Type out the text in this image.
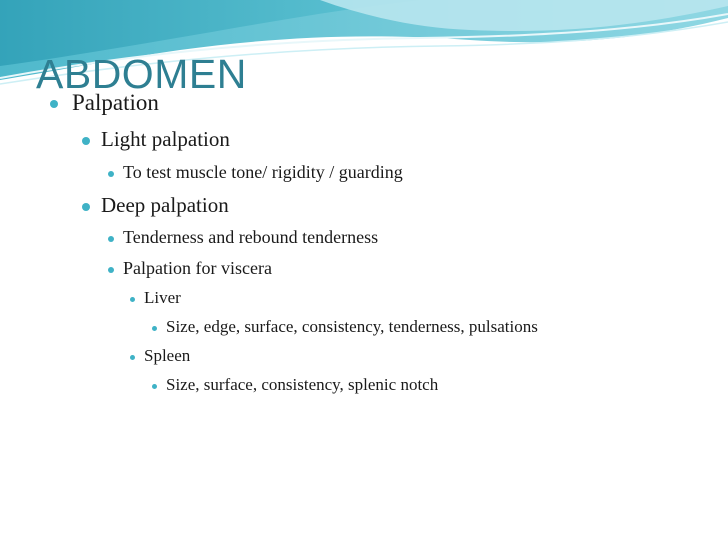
ABDOMEN
Palpation
Light palpation
To test muscle tone/ rigidity / guarding
Deep palpation
Tenderness and rebound tenderness
Palpation for viscera
Liver
Size, edge, surface, consistency, tenderness, pulsations
Spleen
Size, surface, consistency, splenic notch
